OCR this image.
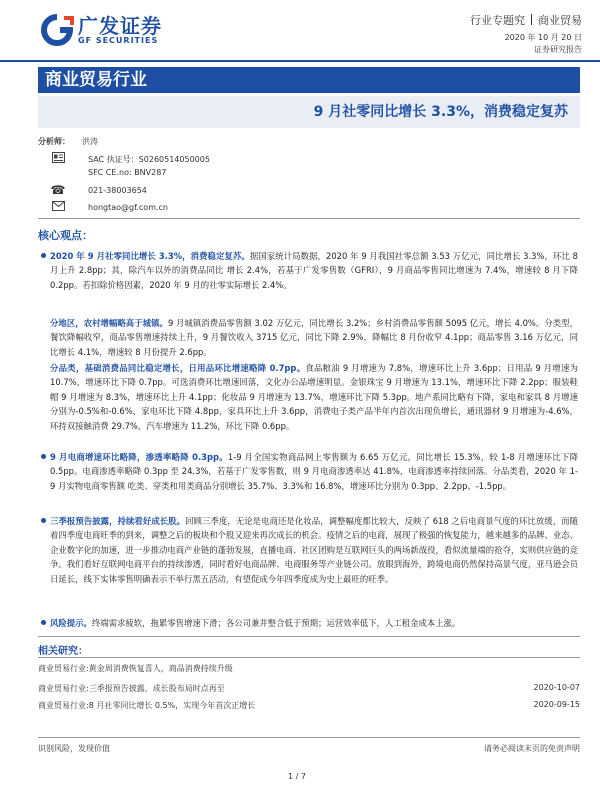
广发证券
GF SECURITIES
行业专题究 商业贸易
2020 年 10 月 20 日
证券研究报告
商业贸易行业
9 月社零同比增长 3.3%，消费稳定复苏
分析师： 洪涛
SAC 执证号：S0260514050005
SFC CE.no: BNV287
☎	021-38003654
hongtao@gf.com.cn
核心观点：
2020 年 9 月社零同比增长 3.3%，消费稳定复苏。据国家统计局数据，2020 年 9 月我国社零总额 3.53 万亿元，同比增长 3.3%，环比 8 月上升 2.8pp；其，除汽车以外的消费品同比 增长 2.4%，若基于广发零售数（GFRI），9 月商品零售同比增速为 7.4%，增速较 8 月下降 0.2pp。若扣除价格因素，2020 年 9 月的社零实际增长 2.4%。
分地区，农村增幅略高于城镇。9 月城镇消费品零售额 3.02 万亿元，同比增长 3.2%；乡村消费品零售额 5095 亿元，增长 4.0%。分类型，餐饮降幅收窄，商品零售增速持续上升，9 月餐饮收入 3715 亿元，同比下降 2.9%，降幅比 8 月份收窄 4.1pp；商品零售 3.16 万亿元，同比增长 4.1%，增速较 8 月份提升 2.6pp。
分品类，基础消费品同比稳定增长，日用品环比增速略降 0.7pp。食品粮油 9 月增速为 7.8%，增速环比上升 3.6pp；日用品 9 月增速为 10.7%，增速环比下降 0.7pp。可选消费环比增速回落，文化办公品增速明显。金银珠宝 9 月增速为 13.1%，增速环比下降 2.2pp；服装鞋帽 9 月增速为 8.3%，增速环比上升 4.1pp；化妆品 9 月增速为 13.7%，增速环比下降 5.3pp。地产系同比略有下降，家电和家具 8 月增速分别为-0.5%和-0.6%，家电环比下降 4.8pp，家具环比上升 3.6pp，消费电子类产品半年内首次出现负增长，通讯器材 9 月增速为-4.6%，环持双接触消费 29.7%，汽车增速为 11.2%，环比下降 0.6pp。
9 月电商增速环比略降，渗透率略降 0.3pp。1-9 月全国实物商品网上零售额为 6.65 万亿元，同比增长 15.3%，较 1-8 月增速环比下降 0.5pp。电商渗透率略降 0.3pp 至 24.3%，若基于广发零售数，则 9 月电商渗透率达 41.8%，电商渗透率持续回落。分品类看，2020 年 1-9 月实物电商零售额 吃类、穿类和用类商品分别增长 35.7%、3.3%和 16.8%，增速环比分别为 0.3pp、2.2pp、-1.5pp。
三季报预告披露，持续看好成长股。回顾三季度，无论是电商还是化妆品，调整幅度都比较大，反映了 618 之后电商景气度的环比放缓，而随着四季度电商旺季的到来，调整之后的板块和个股又迎来再次成长的机会。疫情之后的电商，展现了极强的恢复能力，越来越多的品牌、业态、企业数字化的加速，进一步推动电商产业链的蓬勃发展，直播电商、社区团购是互联网巨头的两场新战役，看似流量端的抢夺，实则供应链的竞争。我们看好互联网电商平台的持续渗透，同时看好电商品牌、电商服务等产业链公司。放眼到海外，跨境电商仍然保持高景气度，亚马逊会员日延长，线下实体零售明确表示不举行黑五活动，有望促成今年四季度成为史上最旺的旺季。
风险提示。终端需求疲软，拖累零售增速下滑；各公司兼并整合低于预期；运营效率低下，人工租金成本上涨。
相关研究：
商业贸易行业:黄金周消费恢复喜人，商品消费持续升级
商业贸易行业:三季报预告披露，成长股布局时点再至	2020-10-07
商业贸易行业:8 月社零同比增长 0.5%，实现今年首次正增长	2020-09-15
识别风险，发现价值	请务必阅读末页的免责声明
1 / 7
